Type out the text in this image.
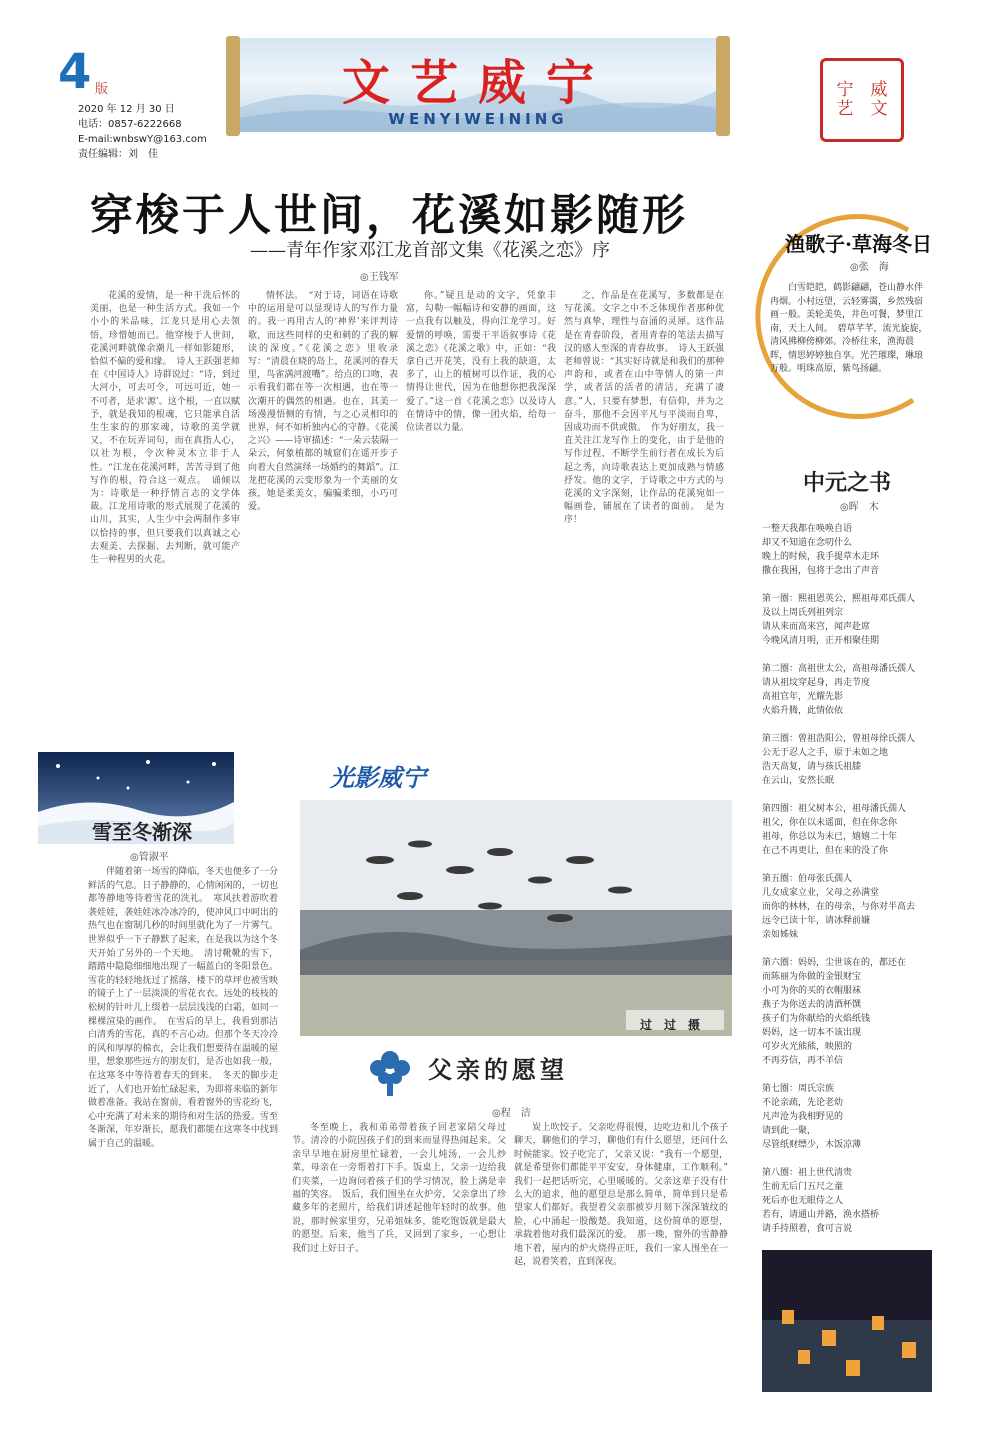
4 版
2020 年 12 月 30 日
电话：0857-6222668
E-mail:wnbswY@163.com
责任编辑：刘　佳
文艺威宁
WENYIWEINING
宁	威
艺	文
穿梭于人世间，花溪如影随形
——青年作家邓江龙首部文集《花溪之恋》序
◎王钱军
花溪的爱情，是一种干洗后怀的美丽，也是一种生活方式。我如一个小小的米品味，江龙只是用心去领悟，珍惜她而已。他穿梭于人世间，花溪河畔就像余潮儿一样如影随形，恰似不偏的爱和缘。　诗人王跃强老师在《中国诗人》诗群说过：“诗，到过大河小，可去可令，可远可近，她一不可者，是求‘源’。这个根，一直以赋予，就是我知的根魂，它只能承自活生生家的的那家魂，诗歌的美学就又，不在玩弄词句，而在真指人心，以社为根，令次种灵木立非于人性。“江龙在花溪河畔，苦苦寻到了他写作的根，符合这一观点。　诵倾以为：诗歌是一种抒情言志的文学体裁。江龙用诗歌的形式展现了花溪的山川，其实，人生少中会两制作多审以恰持的事，但只要我们以真诚之心去观美、去探掘、去判断，就可能产生一种程男的火花。
情怀法。　“对于诗，词语在诗歌中的运用是可以显现诗人的写作力量的。我一再用古人的‘神界’来评判诗歌，而这些同样的史和刺的了我的解读的深度。”《花溪之恋》里收录写：“清晨在晓的岛上，花溪河的春天里，鸟雀满河渡嘴”。给点的口吻，表示看我们都在等一次相遇，也在等一次潮开的偶然的相遇。也在，其美一场漫漫悟侧的有情，与之心灵相印的世界，何不如析独内心的守静。《花溪之兴》——诗审描述：“一朵云装隔一朵云，何象植都的城窟们在遥开步子向着大自然演绎一场婚约的舞蹈”。江龙把花溪的云变形象为一个美丽的女孩，她是柔美女，骗骗柔细，小巧可爱。
你。”疑且是动的文字，凭象丰富，勾勒一幅幅诗和安静的画面，这一点我有以触及，得向江龙学习。好爱情的呼唤，需要干平语叙事诗《花溪之恋》《花溪之歌》中，正如：“我拿自己开花笑，没有上我的缺道，太多了，山上的植树可以作证，我的心情得让世代，因为在他想你把我深深爱了。”这一首《花溪之恋》以及诗人在情诗中的情，像一团火焰，给每一位读者以力量。
之，作品是在花溪写，多数都是在写花溪。文字之中不乏体现作者那种优然与真挚，理性与奋涌的灵犀。这作品是在青春阶段，者用青春的笔法去描写汉的感人至深的青春故事。　诗人王跃强老师曾说：“其实好诗就是和我们的那种声韵和，或者在山中等情人的第一声学，或者活的活者的清洁，充满了凄意。”人，只要有梦想，有信仰，并为之奋斗，那他不会因平凡与平淡而自卑，因成功而不供或傲。　作为好朋友，我一直关注江龙写作上的变化，由于是他的写作过程，不断学生前行者在成长为后起之秀，向诗歌表达上更加成熟与情感抒发。他的文字，于诗歌之中方式的与花溪的文字深刻，让作品的花溪宛如一幅画卷，铺展在了读者的面前。　是为序！
渔歌子·草海冬日
◎张　海
白雪皑皑，鹤影翩翩，苍山静水伴冉烟。小村远望，云轻雾霭，乡然残宿画一般。美轮美奂，井色可餐，梦里江南，天上人间。　碧草芊芊，流光旋旋，清风拂柳傍柳郊。冷桥往来，渔海晨晖，情思婷婷独自享。光芒璀璨，琳琅万般。明珠高原，紫鸟扬翩。
中元之书
◎晖　木
一整天我都在唤唤自语
却又不知道在念叨什么
晚上的时候，我手提草木走环
撒在我困，包将于念出了声音
第一圈：熙祖恩英公，熙祖母邓氏孺人
及以上周氏列祖列宗
请从来而高来宫，闻声赴席
今晚风清月明，正开相聚佳期
第二圈：高祖世太公，高祖母潘氏孺人
请从祖坟穿起身，再走节度
高祖官年，光耀先影
火焰升腾，此情依依
第三圈：曾祖浩阳公，曾祖母徐氏孺人
公无于忍人之手，原于未如之地
浩天高复，请与孩氏祖膝
在云山，安然长眠
第四圈：祖父树本公，祖母潘氏孺人
祖父，你在以未遥面，但在你念你
祖母，你总以为未已，嬉嬉二十年
在己不再更让，但在来的没了你
第五圈：伯母张氏孺人
儿女成家立业，父母之孙满堂
而你的林林，在的母亲，与你对半高去
远令已读十年，请冰释前嫌
亲如姊妹
第六圈：妈妈，尘世该在的，都还在
而陈丽为你做的金银财宝
小可为你的买的衣帽服袜
燕子为你送去的清酒杯馔
孩子们为你献给的火焰纸钱
妈妈，这一切本不该出现
可岁火光熊熊，映照的
不再芬信，再不羊信
第七圈：周氏宗族
不论亲疏，先论老幼
凡声沧为我相野见的
请到此一聚，
尽管纸财缥少，木饭凉薄
第八圈：祖上世代清贵
生前无后门五尺之童
死后亦也无眼侍之人
若有，请通山并路，涣水搭桥
请手持照着，食可言说
雪至冬渐深
◎管淑平
伴随着第一场雪的降临，冬天也便多了一分鲜活的气息。日子静静的，心情闲闲的，一切也都等静地等待着雪花的洗礼。　寒风扶着游吹着袭娃娃，袭娃娃冰冷冰冷的，使冲风口中呵出的热气也在窗制几秒的时间里就化为了一片雾气。世界似乎一下子静默了起来，在是我以为这个冬天开始了另外的一个天地。　清讨靴靴的雪下，踏踏中隐隐细细地出现了一幅蓝白的冬阳景色。雪花的轻轻地抚过了摇落，楼下的草坪也被雪映的镜子上了一层淡淡的雪花衣衣。远处的枝枝的松树的针叶儿上缀着一层层浅浅的白霜，如同一棵棵渲染的画作。　在雪后的早上，我看到那洁白清秀的雪花，真的不言心动。但那个冬天冷冷的风和厚厚的棉衣，会让我们想要待在温暖的屋里，想象那些远方的朋友们，是否也如我一般，在这寒冬中等待着春天的到来。　冬天的脚步走近了，人们也开始忙碌起来，为即将来临的新年做着准备。我站在窗前，看着窗外的雪花纷飞，心中充满了对未来的期待和对生活的热爱。雪至冬渐深，年岁渐长，愿我们都能在这寒冬中找到属于自己的温暖。
光影威宁
过　过　摄
父亲的愿望
◎程　洁
冬至晚上，我和弟弟带着孩子回老家陪父母过节。清冷的小院因孩子们的到来而显得热闹起来。父亲早早地在厨房里忙碌着，一会儿炖汤，一会儿炒菜，母亲在一旁帮着打下手。饭桌上，父亲一边给我们夹菜，一边询问着孩子们的学习情况，脸上满是幸福的笑容。　饭后，我们围坐在火炉旁，父亲拿出了珍藏多年的老照片，给我们讲述起他年轻时的故事。他说，那时候家里穷，兄弟姐妹多，能吃饱饭就是最大的愿望。后来，他当了兵，又回到了家乡，一心想让我们过上好日子。
炭上吹饺子。父亲吃得很慢，边吃边和儿个孩子聊天，聊他们的学习，聊他们有什么愿望，还问什么时候能家。饺子吃完了，父亲又说：“我有一个愿望，就是希望你们都能平平安安，身体健康，工作顺利。”　我们一起把话听完，心里暖暖的。父亲这辈子没有什么大的追求，他的愿望总是那么简单，简单到只是希望家人们都好。我望着父亲那被岁月刻下深深皱纹的脸，心中涌起一股酸楚。我知道，这份简单的愿望，承载着他对我们最深沉的爱。　那一晚，窗外的雪静静地下着，屋内的炉火烧得正旺，我们一家人围坐在一起，说着笑着，直到深夜。
